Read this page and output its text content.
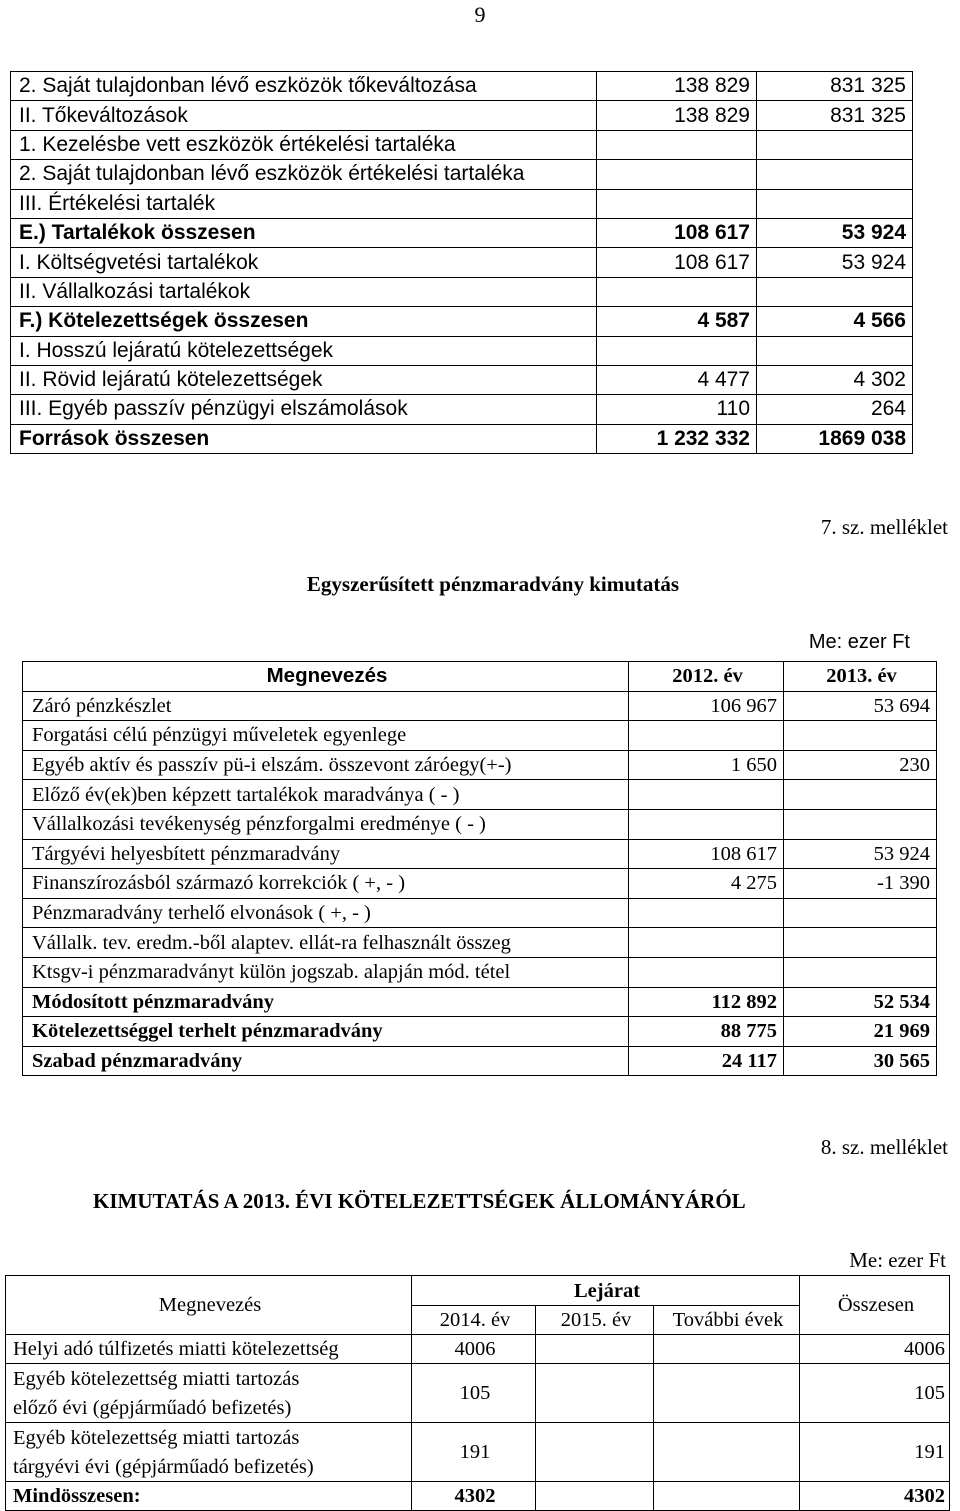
9
2. Saját tulajdonban lévő eszközök tőkeváltozása	138 829	831 325
II. Tőkeváltozások	138 829	831 325
1. Kezelésbe vett eszközök értékelési tartaléka		
2. Saját tulajdonban lévő eszközök értékelési tartaléka		
III. Értékelési tartalék		
E.) Tartalékok összesen	108 617	53 924
I. Költségvetési tartalékok	108 617	53 924
II. Vállalkozási tartalékok		
F.) Kötelezettségek összesen	4 587	4 566
I. Hosszú lejáratú kötelezettségek		
II. Rövid lejáratú kötelezettségek	4 477	4 302
III. Egyéb passzív pénzügyi elszámolások	110	264
Források összesen	1 232 332	1869 038
7. sz. melléklet
Egyszerűsített pénzmaradvány kimutatás
Me: ezer Ft
Megnevezés	2012. év	2013. év
Záró pénzkészlet	106 967	53 694
Forgatási célú pénzügyi műveletek egyenlege		
Egyéb aktív és passzív pü-i elszám. összevont záróegy(+-)	1 650	230
Előző év(ek)ben képzett tartalékok maradványa ( - )		
Vállalkozási tevékenység pénzforgalmi eredménye ( - )		
Tárgyévi helyesbített pénzmaradvány	108 617	53 924
Finanszírozásból származó korrekciók ( +, - )	4 275	-1 390
Pénzmaradvány terhelő elvonások ( +, - )		
Vállalk. tev. eredm.-ből alaptev. ellát-ra felhasznált összeg		
Ktsgv-i pénzmaradványt külön jogszab. alapján mód. tétel		
Módosított pénzmaradvány	112 892	52 534
Kötelezettséggel terhelt pénzmaradvány	88 775	21 969
Szabad pénzmaradvány	24 117	30 565
8. sz. melléklet
KIMUTATÁS A 2013. ÉVI KÖTELEZETTSÉGEK ÁLLOMÁNYÁRÓL
Me: ezer Ft
Megnevezés	Lejárat			Összesen
	2014. év	2015. év	További évek	

Helyi adó túlfizetés miatti kötelezettség	4006			4006

Egyéb kötelezettség miatti tartozás
előző évi (gépjárműadó befizetés)	105			105

Egyéb kötelezettség miatti tartozás
tárgyévi évi (gépjárműadó befizetés)	191			191

Mindösszesen:	4302			4302
